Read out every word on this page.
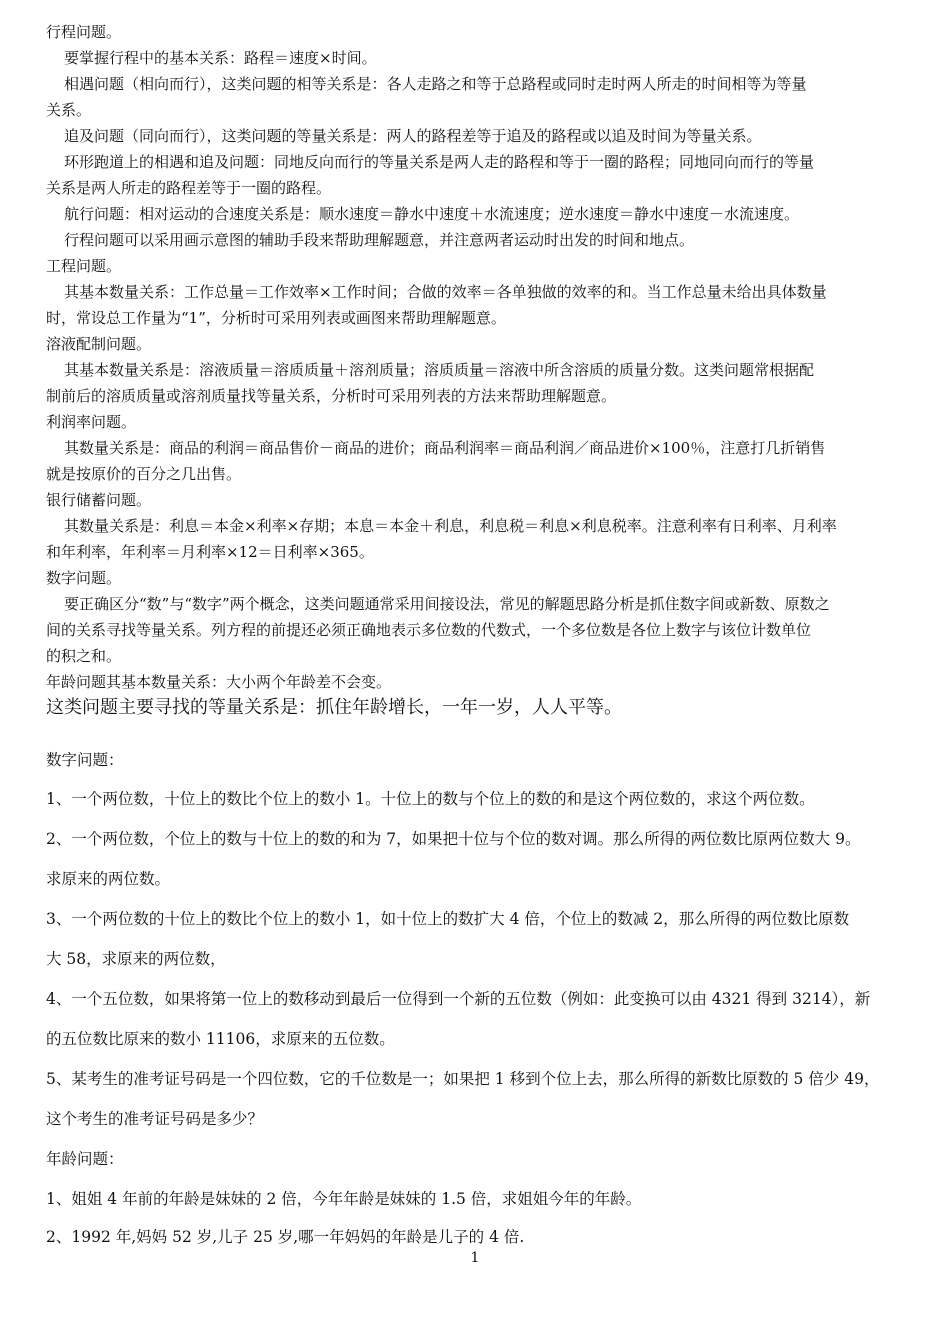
行程问题。
要掌握行程中的基本关系：路程＝速度×时间。
相遇问题（相向而行），这类问题的相等关系是：各人走路之和等于总路程或同时走时两人所走的时间相等为等量
关系。
追及问题（同向而行），这类问题的等量关系是：两人的路程差等于追及的路程或以追及时间为等量关系。
环形跑道上的相遇和追及问题：同地反向而行的等量关系是两人走的路程和等于一圈的路程；同地同向而行的等量
关系是两人所走的路程差等于一圈的路程。
航行问题：相对运动的合速度关系是：顺水速度＝静水中速度＋水流速度；逆水速度＝静水中速度－水流速度。
行程问题可以采用画示意图的辅助手段来帮助理解题意，并注意两者运动时出发的时间和地点。
工程问题。
其基本数量关系：工作总量＝工作效率×工作时间；合做的效率＝各单独做的效率的和。当工作总量未给出具体数量
时，常设总工作量为“1”，分析时可采用列表或画图来帮助理解题意。
溶液配制问题。
其基本数量关系是：溶液质量＝溶质质量＋溶剂质量；溶质质量＝溶液中所含溶质的质量分数。这类问题常根据配
制前后的溶质质量或溶剂质量找等量关系，分析时可采用列表的方法来帮助理解题意。
利润率问题。
其数量关系是：商品的利润＝商品售价－商品的进价；商品利润率＝商品利润／商品进价×100％，注意打几折销售
就是按原价的百分之几出售。
银行储蓄问题。
其数量关系是：利息＝本金×利率×存期；本息＝本金＋利息，利息税＝利息×利息税率。注意利率有日利率、月利率
和年利率，年利率＝月利率×12＝日利率×365。
数字问题。
要正确区分“数”与“数字”两个概念，这类问题通常采用间接设法，常见的解题思路分析是抓住数字间或新数、原数之
间的关系寻找等量关系。列方程的前提还必须正确地表示多位数的代数式，一个多位数是各位上数字与该位计数单位
的积之和。
年龄问题其基本数量关系：大小两个年龄差不会变。
这类问题主要寻找的等量关系是：抓住年龄增长，一年一岁，人人平等。
数字问题：
1、一个两位数，十位上的数比个位上的数小 1。十位上的数与个位上的数的和是这个两位数的，求这个两位数。
2、一个两位数，个位上的数与十位上的数的和为 7，如果把十位与个位的数对调。那么所得的两位数比原两位数大 9。
求原来的两位数。
3、一个两位数的十位上的数比个位上的数小 1，如十位上的数扩大 4 倍，个位上的数减 2，那么所得的两位数比原数
大 58，求原来的两位数，
4、一个五位数，如果将第一位上的数移动到最后一位得到一个新的五位数（例如：此变换可以由 4321 得到 3214），新
的五位数比原来的数小 11106，求原来的五位数。
5、某考生的准考证号码是一个四位数，它的千位数是一；如果把 1 移到个位上去，那么所得的新数比原数的 5 倍少 49，
这个考生的准考证号码是多少？
年龄问题：
1、姐姐 4 年前的年龄是妹妹的 2 倍，今年年龄是妹妹的 1.5 倍，求姐姐今年的年龄。
2、1992 年,妈妈 52 岁,儿子 25 岁,哪一年妈妈的年龄是儿子的 4 倍.
1
